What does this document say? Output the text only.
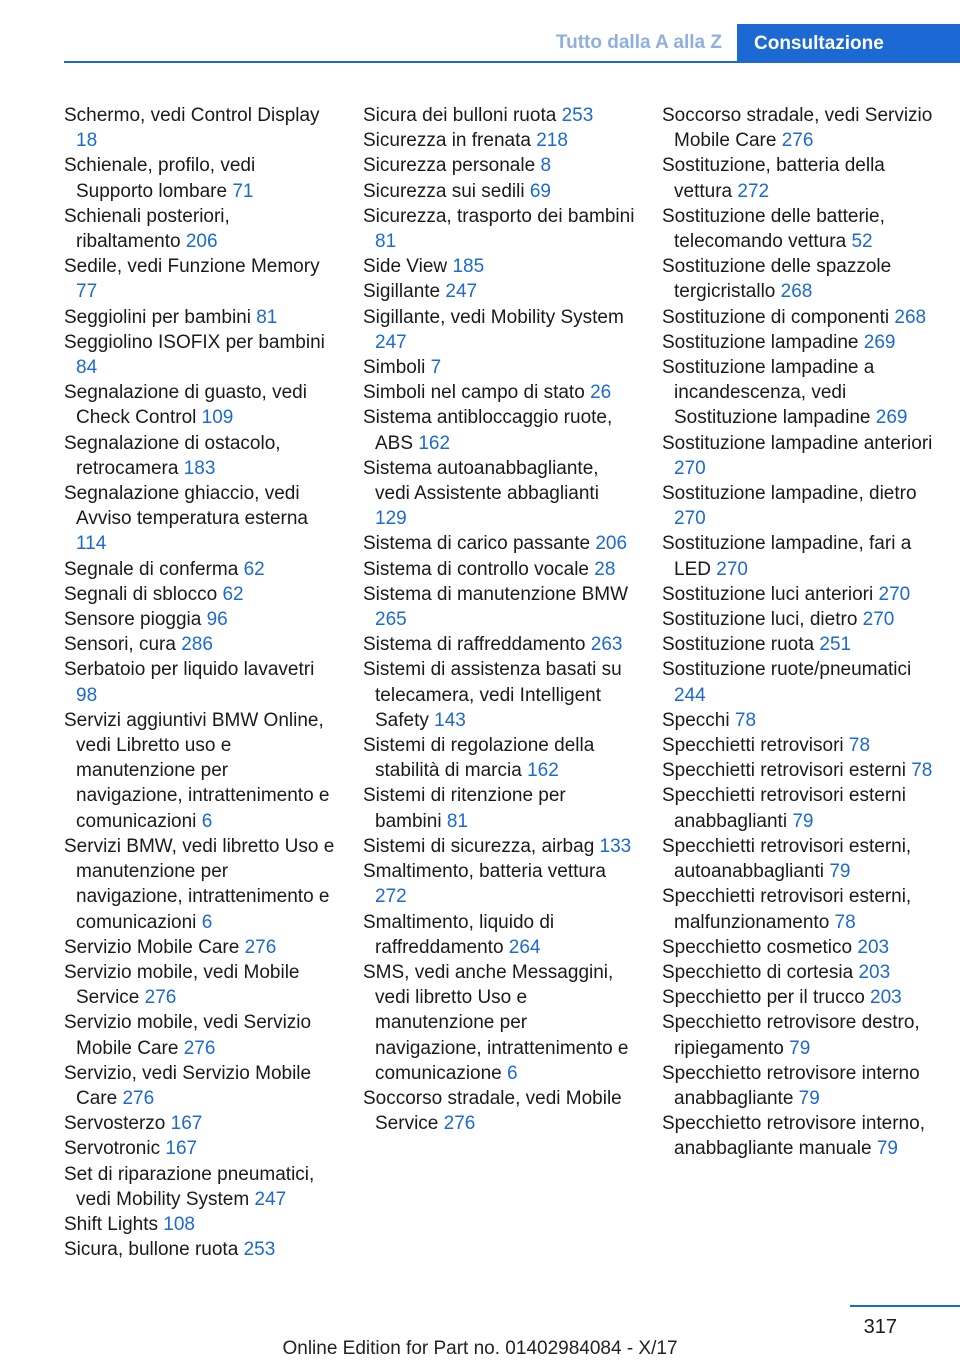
Tutto dalla A alla Z	Consultazione
Schermo, vedi Control Display 18
Schienale, profilo, vedi Supporto lombare 71
Schienali posteriori, ribaltamento 206
Sedile, vedi Funzione Memory 77
Seggiolini per bambini 81
Seggiolino ISOFIX per bambini 84
Segnalazione di guasto, vedi Check Control 109
Segnalazione di ostacolo, retrocamera 183
Segnalazione ghiaccio, vedi Avviso temperatura esterna 114
Segnale di conferma 62
Segnali di sblocco 62
Sensore pioggia 96
Sensori, cura 286
Serbatoio per liquido lavavetri 98
Servizi aggiuntivi BMW Online, vedi Libretto uso e manutenzione per navigazione, intrattenimento e comunicazioni 6
Servizi BMW, vedi libretto Uso e manutenzione per navigazione, intrattenimento e comunicazioni 6
Servizio Mobile Care 276
Servizio mobile, vedi Mobile Service 276
Servizio mobile, vedi Servizio Mobile Care 276
Servizio, vedi Servizio Mobile Care 276
Servosterzo 167
Servotronic 167
Set di riparazione pneumatici, vedi Mobility System 247
Shift Lights 108
Sicura, bullone ruota 253
Sicura dei bulloni ruota 253
Sicurezza in frenata 218
Sicurezza personale 8
Sicurezza sui sedili 69
Sicurezza, trasporto dei bambini 81
Side View 185
Sigillante 247
Sigillante, vedi Mobility System 247
Simboli 7
Simboli nel campo di stato 26
Sistema antibloccaggio ruote, ABS 162
Sistema autoanabbagliante, vedi Assistente abbaglianti 129
Sistema di carico passante 206
Sistema di controllo vocale 28
Sistema di manutenzione BMW 265
Sistema di raffreddamento 263
Sistemi di assistenza basati su telecamera, vedi Intelligent Safety 143
Sistemi di regolazione della stabilità di marcia 162
Sistemi di ritenzione per bambini 81
Sistemi di sicurezza, airbag 133
Smaltimento, batteria vettura 272
Smaltimento, liquido di raffreddamento 264
SMS, vedi anche Messaggini, vedi libretto Uso e manutenzione per navigazione, intrattenimento e comunicazione 6
Soccorso stradale, vedi Mobile Service 276
Soccorso stradale, vedi Servizio Mobile Care 276
Sostituzione, batteria della vettura 272
Sostituzione delle batterie, telecomando vettura 52
Sostituzione delle spazzole tergicristallo 268
Sostituzione di componenti 268
Sostituzione lampadine 269
Sostituzione lampadine a incandescenza, vedi Sostituzione lampadine 269
Sostituzione lampadine anteriori 270
Sostituzione lampadine, dietro 270
Sostituzione lampadine, fari a LED 270
Sostituzione luci anteriori 270
Sostituzione luci, dietro 270
Sostituzione ruota 251
Sostituzione ruote/pneumatici 244
Specchi 78
Specchietti retrovisori 78
Specchietti retrovisori esterni 78
Specchietti retrovisori esterni anabbaglianti 79
Specchietti retrovisori esterni, autoanabbaglianti 79
Specchietti retrovisori esterni, malfunzionamento 78
Specchietto cosmetico 203
Specchietto di cortesia 203
Specchietto per il trucco 203
Specchietto retrovisore destro, ripiegamento 79
Specchietto retrovisore interno anabbagliante 79
Specchietto retrovisore interno, anabbagliante manuale 79
317
Online Edition for Part no. 01402984084 - X/17
